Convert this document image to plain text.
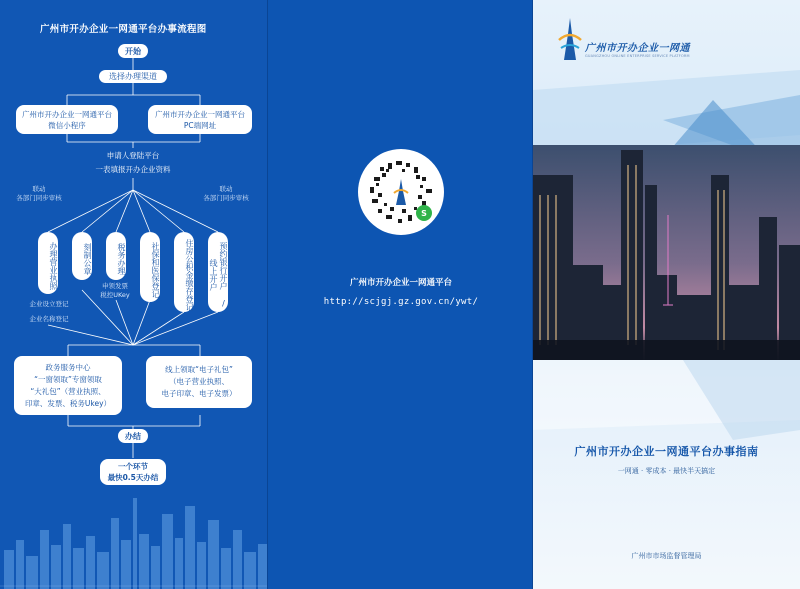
广州市开办企业一网通平台办事流程图
开始
选择办理渠道
广州市开办企业一网通平台
微信小程序
广州市开办企业一网通平台
PC端网址
申请人登陆平台
一表填报开办企业资料
联动
各部门同步审核
联动
各部门同步审核
办理营业执照	刻制公章	税务办理	社保和医保登记	住房公积金缴存登记	预约银行开户 / 线上开户
申领发票
税控UKey
企业设立登记
企业名称登记
政务服务中心
“一窗领取”专窗领取
“大礼包”（营业执照、
印章、发票、税务Ukey）
线上领取“电子礼包”
（电子营业执照、
电子印章、电子发票）
办结
一个环节
最快0.5天办结
S
广州市开办企业一网通平台
http://scjgj.gz.gov.cn/ywt/
广州市开办企业一网通
GUANGZHOU ONLINE ENTERPRISE SERVICE PLATFORM
广州市开办企业一网通平台办事指南
一网通 · 零成本 · 最快半天搞定
广州市市场监督管理局
